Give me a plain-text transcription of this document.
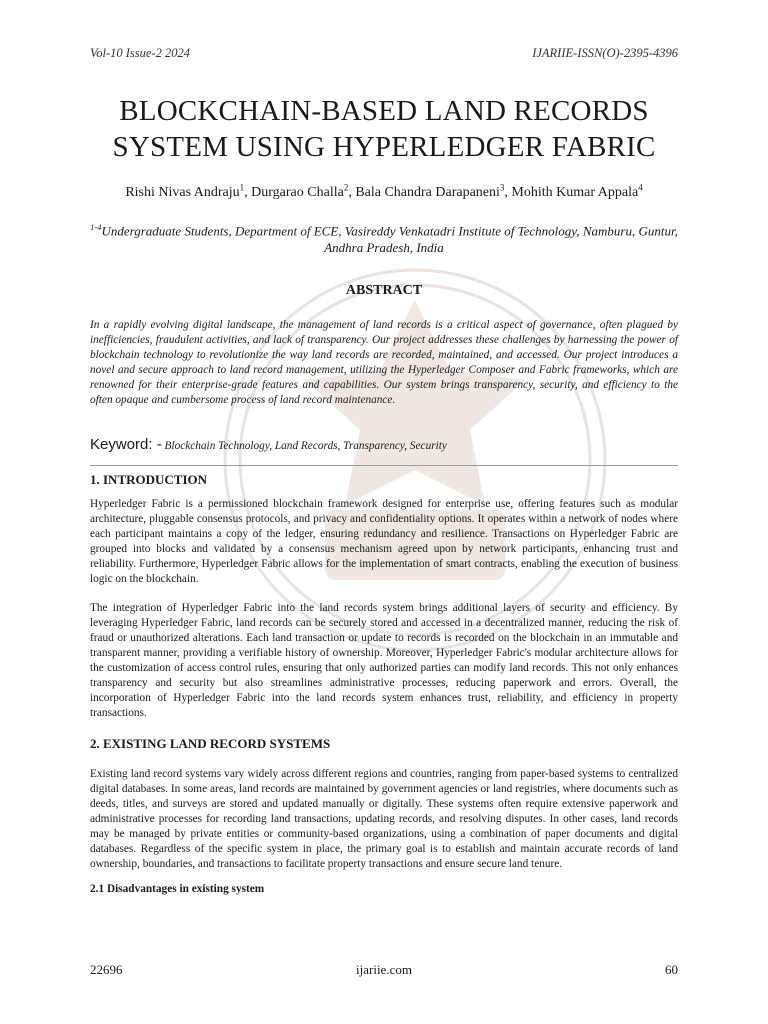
Vol-10 Issue-2 2024	IJARIIE-ISSN(O)-2395-4396
BLOCKCHAIN-BASED LAND RECORDS
SYSTEM USING HYPERLEDGER FABRIC
Rishi Nivas Andraju$^1$, Durgarao Challa$^2$, Bala Chandra Darapaneni$^3$, Mohith Kumar Appala$^4$
$^{1-4}$Undergraduate Students, Department of ECE, Vasireddy Venkatadri Institute of Technology, Namburu, Guntur, Andhra Pradesh, India
ABSTRACT

In a rapidly evolving digital landscape, the management of land records is a critical aspect of governance, often plagued by inefficiencies, fraudulent activities, and lack of transparency. Our project addresses these challenges by harnessing the power of blockchain technology to revolutionize the way land records are recorded, maintained, and accessed. Our project introduces a novel and secure approach to land record management, utilizing the Hyperledger Composer and Fabric frameworks, which are renowned for their enterprise-grade features and capabilities. Our system brings transparency, security, and efficiency to the often opaque and cumbersome process of land record maintenance.

Keyword: - Blockchain Technology, Land Records, Transparency, Security
1. INTRODUCTION

Hyperledger Fabric is a permissioned blockchain framework designed for enterprise use, offering features such as modular architecture, pluggable consensus protocols, and privacy and confidentiality options. It operates within a network of nodes where each participant maintains a copy of the ledger, ensuring redundancy and resilience. Transactions on Hyperledger Fabric are grouped into blocks and validated by a consensus mechanism agreed upon by network participants, enhancing trust and reliability. Furthermore, Hyperledger Fabric allows for the implementation of smart contracts, enabling the execution of business logic on the blockchain.

The integration of Hyperledger Fabric into the land records system brings additional layers of security and efficiency. By leveraging Hyperledger Fabric, land records can be securely stored and accessed in a decentralized manner, reducing the risk of fraud or unauthorized alterations. Each land transaction or update to records is recorded on the blockchain in an immutable and transparent manner, providing a verifiable history of ownership. Moreover, Hyperledger Fabric's modular architecture allows for the customization of access control rules, ensuring that only authorized parties can modify land records. This not only enhances transparency and security but also streamlines administrative processes, reducing paperwork and errors. Overall, the incorporation of Hyperledger Fabric into the land records system enhances trust, reliability, and efficiency in property transactions.

2. EXISTING LAND RECORD SYSTEMS

Existing land record systems vary widely across different regions and countries, ranging from paper-based systems to centralized digital databases. In some areas, land records are maintained by government agencies or land registries, where documents such as deeds, titles, and surveys are stored and updated manually or digitally. These systems often require extensive paperwork and administrative processes for recording land transactions, updating records, and resolving disputes. In other cases, land records may be managed by private entities or community-based organizations, using a combination of paper documents and digital databases. Regardless of the specific system in place, the primary goal is to establish and maintain accurate records of land ownership, boundaries, and transactions to facilitate property transactions and ensure secure land tenure.

2.1 Disadvantages in existing system
22696	ijariie.com	60
